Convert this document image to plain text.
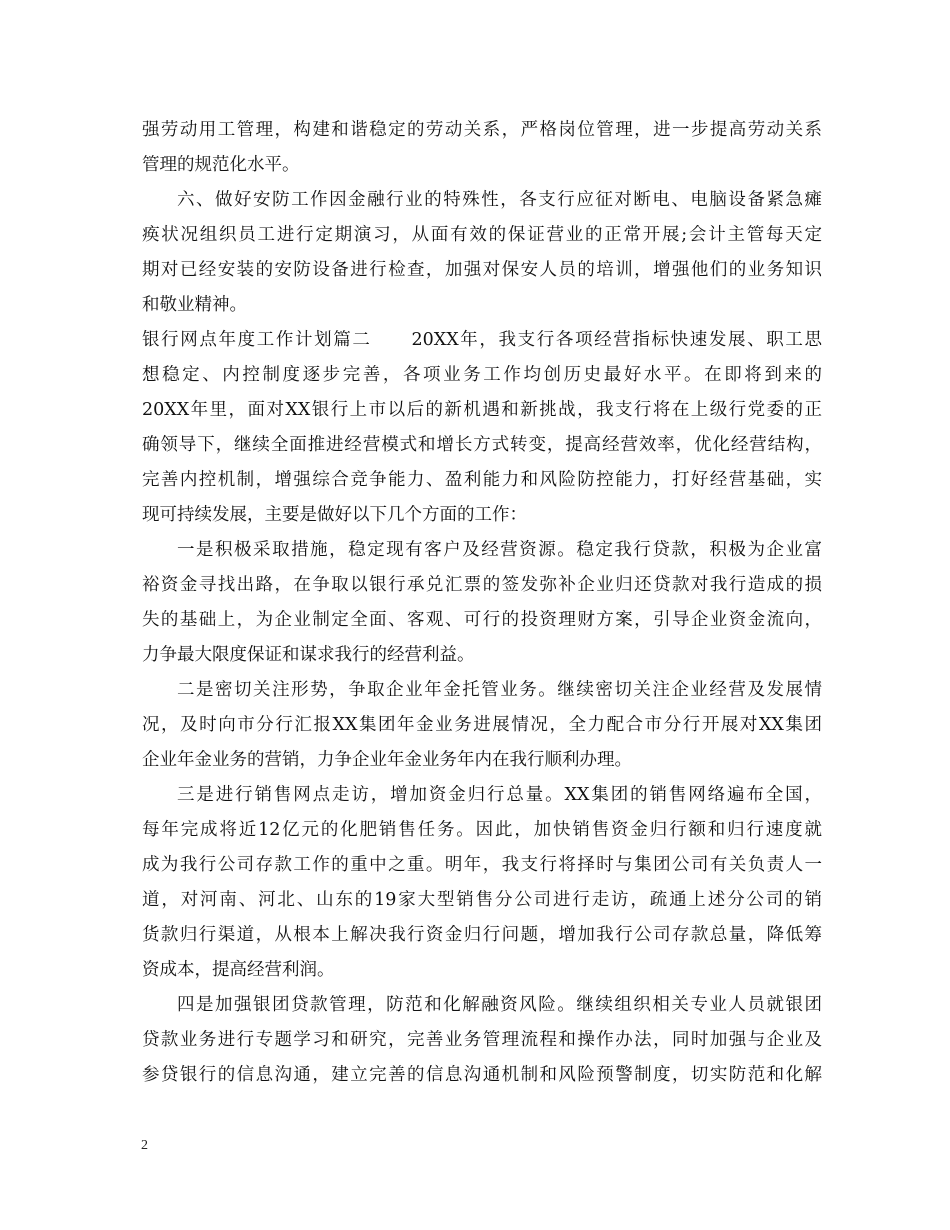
强劳动用工管理，构建和谐稳定的劳动关系，严格岗位管理，进一步提高劳动关系
管理的规范化水平。
六、做好安防工作因金融行业的特殊性，各支行应征对断电、电脑设备紧急瘫
痪状况组织员工进行定期演习，从面有效的保证营业的正常开展;会计主管每天定
期对已经安装的安防设备进行检查，加强对保安人员的培训，增强他们的业务知识
和敬业精神。
银行网点年度工作计划篇二 20XX年，我支行各项经营指标快速发展、职工思
想稳定、内控制度逐步完善，各项业务工作均创历史最好水平。在即将到来的
20XX年里，面对XX银行上市以后的新机遇和新挑战，我支行将在上级行党委的正
确领导下，继续全面推进经营模式和增长方式转变，提高经营效率，优化经营结构，
完善内控机制，增强综合竞争能力、盈利能力和风险防控能力，打好经营基础，实
现可持续发展，主要是做好以下几个方面的工作：
一是积极采取措施，稳定现有客户及经营资源。稳定我行贷款，积极为企业富
裕资金寻找出路，在争取以银行承兑汇票的签发弥补企业归还贷款对我行造成的损
失的基础上，为企业制定全面、客观、可行的投资理财方案，引导企业资金流向，
力争最大限度保证和谋求我行的经营利益。
二是密切关注形势，争取企业年金托管业务。继续密切关注企业经营及发展情
况，及时向市分行汇报XX集团年金业务进展情况，全力配合市分行开展对XX集团
企业年金业务的营销，力争企业年金业务年内在我行顺利办理。
三是进行销售网点走访，增加资金归行总量。XX集团的销售网络遍布全国，
每年完成将近12亿元的化肥销售任务。因此，加快销售资金归行额和归行速度就
成为我行公司存款工作的重中之重。明年，我支行将择时与集团公司有关负责人一
道，对河南、河北、山东的19家大型销售分公司进行走访，疏通上述分公司的销
货款归行渠道，从根本上解决我行资金归行问题，增加我行公司存款总量，降低筹
资成本，提高经营利润。
四是加强银团贷款管理，防范和化解融资风险。继续组织相关专业人员就银团
贷款业务进行专题学习和研究，完善业务管理流程和操作办法，同时加强与企业及
参贷银行的信息沟通，建立完善的信息沟通机制和风险预警制度，切实防范和化解
2
